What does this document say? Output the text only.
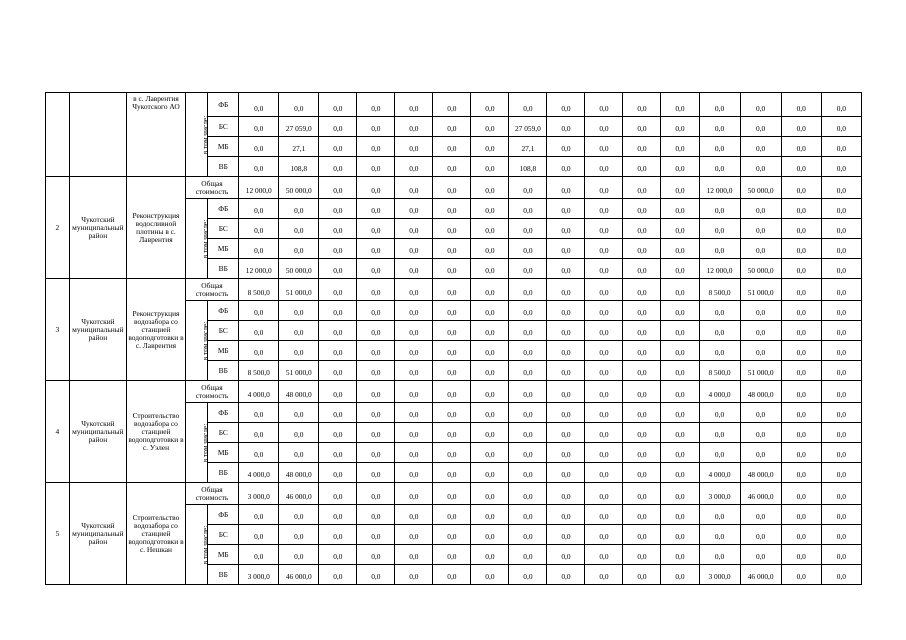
		в с. Лаврентия Чукотского АО	в том числе:	ФБ	0,0	0,0	0,0	0,0	0,0	0,0	0,0	0,0	0,0	0,0	0,0	0,0	0,0	0,0	0,0	0,0
				БС	0,0	27 059,0	0,0	0,0	0,0	0,0	0,0	27 059,0	0,0	0,0	0,0	0,0	0,0	0,0	0,0	0,0
				МБ	0,0	27,1	0,0	0,0	0,0	0,0	0,0	27,1	0,0	0,0	0,0	0,0	0,0	0,0	0,0	0,0
				ВБ	0,0	108,8	0,0	0,0	0,0	0,0	0,0	108,8	0,0	0,0	0,0	0,0	0,0	0,0	0,0	0,0
2	Чукотский муниципальный район	Реконструкция водосливной плотины в с. Лаврентия	Общая стоимость		12 000,0	50 000,0	0,0	0,0	0,0	0,0	0,0	0,0	0,0	0,0	0,0	0,0	12 000,0	50 000,0	0,0	0,0
			в том числе:	ФБ	0,0	0,0	0,0	0,0	0,0	0,0	0,0	0,0	0,0	0,0	0,0	0,0	0,0	0,0	0,0	0,0
				БС	0,0	0,0	0,0	0,0	0,0	0,0	0,0	0,0	0,0	0,0	0,0	0,0	0,0	0,0	0,0	0,0
				МБ	0,0	0,0	0,0	0,0	0,0	0,0	0,0	0,0	0,0	0,0	0,0	0,0	0,0	0,0	0,0	0,0
				ВБ	12 000,0	50 000,0	0,0	0,0	0,0	0,0	0,0	0,0	0,0	0,0	0,0	0,0	12 000,0	50 000,0	0,0	0,0
3	Чукотский муниципальный район	Реконструкция водозабора со станцией водоподготовки в с. Лаврентия	Общая стоимость		8 500,0	51 000,0	0,0	0,0	0,0	0,0	0,0	0,0	0,0	0,0	0,0	0,0	8 500,0	51 000,0	0,0	0,0
			в том числе:	ФБ	0,0	0,0	0,0	0,0	0,0	0,0	0,0	0,0	0,0	0,0	0,0	0,0	0,0	0,0	0,0	0,0
				БС	0,0	0,0	0,0	0,0	0,0	0,0	0,0	0,0	0,0	0,0	0,0	0,0	0,0	0,0	0,0	0,0
				МБ	0,0	0,0	0,0	0,0	0,0	0,0	0,0	0,0	0,0	0,0	0,0	0,0	0,0	0,0	0,0	0,0
				ВБ	8 500,0	51 000,0	0,0	0,0	0,0	0,0	0,0	0,0	0,0	0,0	0,0	0,0	8 500,0	51 000,0	0,0	0,0
4	Чукотский муниципальный район	Строительство водозабора со станцией водоподготовки в с. Уэлен	Общая стоимость		4 000,0	48 000,0	0,0	0,0	0,0	0,0	0,0	0,0	0,0	0,0	0,0	0,0	4 000,0	48 000,0	0,0	0,0
			в том числе:	ФБ	0,0	0,0	0,0	0,0	0,0	0,0	0,0	0,0	0,0	0,0	0,0	0,0	0,0	0,0	0,0	0,0
				БС	0,0	0,0	0,0	0,0	0,0	0,0	0,0	0,0	0,0	0,0	0,0	0,0	0,0	0,0	0,0	0,0
				МБ	0,0	0,0	0,0	0,0	0,0	0,0	0,0	0,0	0,0	0,0	0,0	0,0	0,0	0,0	0,0	0,0
				ВБ	4 000,0	48 000,0	0,0	0,0	0,0	0,0	0,0	0,0	0,0	0,0	0,0	0,0	4 000,0	48 000,0	0,0	0,0
5	Чукотский муниципальный район	Строительство водозабора со станцией водоподготовки в с. Нешкан	Общая стоимость		3 000,0	46 000,0	0,0	0,0	0,0	0,0	0,0	0,0	0,0	0,0	0,0	0,0	3 000,0	46 000,0	0,0	0,0
			в том числе:	ФБ	0,0	0,0	0,0	0,0	0,0	0,0	0,0	0,0	0,0	0,0	0,0	0,0	0,0	0,0	0,0	0,0
				БС	0,0	0,0	0,0	0,0	0,0	0,0	0,0	0,0	0,0	0,0	0,0	0,0	0,0	0,0	0,0	0,0
				МБ	0,0	0,0	0,0	0,0	0,0	0,0	0,0	0,0	0,0	0,0	0,0	0,0	0,0	0,0	0,0	0,0
				ВБ	3 000,0	46 000,0	0,0	0,0	0,0	0,0	0,0	0,0	0,0	0,0	0,0	0,0	3 000,0	46 000,0	0,0	0,0
